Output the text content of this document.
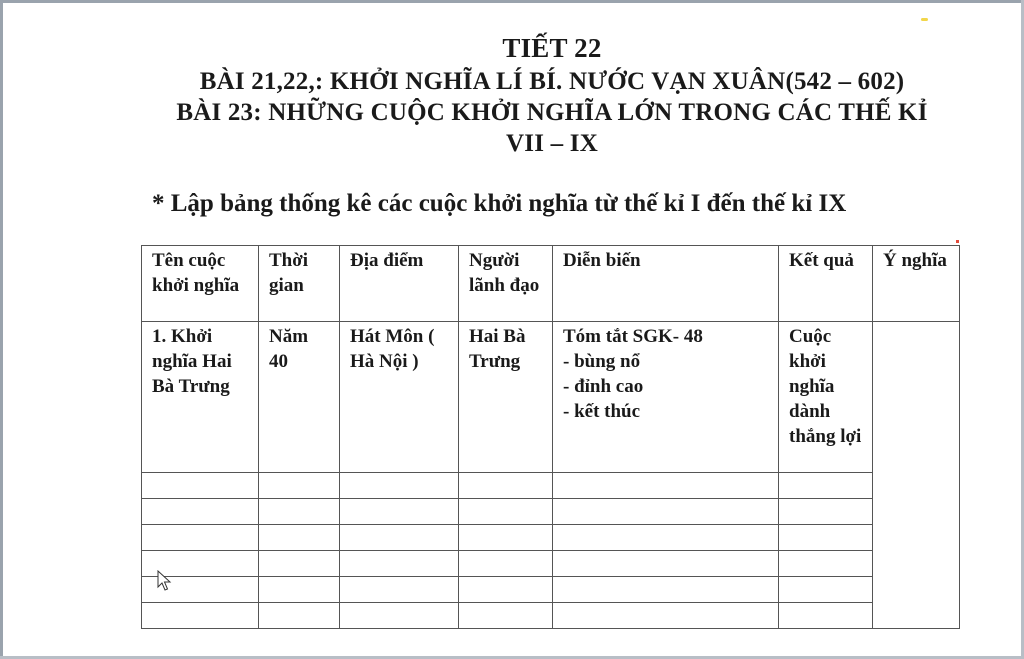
TIẾT 22
BÀI 21,22,: KHỞI NGHĨA LÍ BÍ. NƯỚC VẠN XUÂN(542 – 602)
BÀI 23: NHỮNG CUỘC KHỞI NGHĨA LỚN TRONG CÁC THẾ KỈ
VII – IX
* Lập bảng thống kê các cuộc khởi nghĩa từ thế kỉ I đến thế kỉ IX
Tên cuộc khởi nghĩa	Thời gian	Địa điểm	Người lãnh đạo	Diễn biến	Kết quả	Ý nghĩa
1. Khởi nghĩa Hai Bà Trưng	Năm 40	Hát Môn ( Hà Nội )	Hai Bà Trưng	Tóm tắt SGK- 48
- bùng nổ
- đỉnh cao
- kết thúc	Cuộc khởi nghĩa dành thắng lợi	
